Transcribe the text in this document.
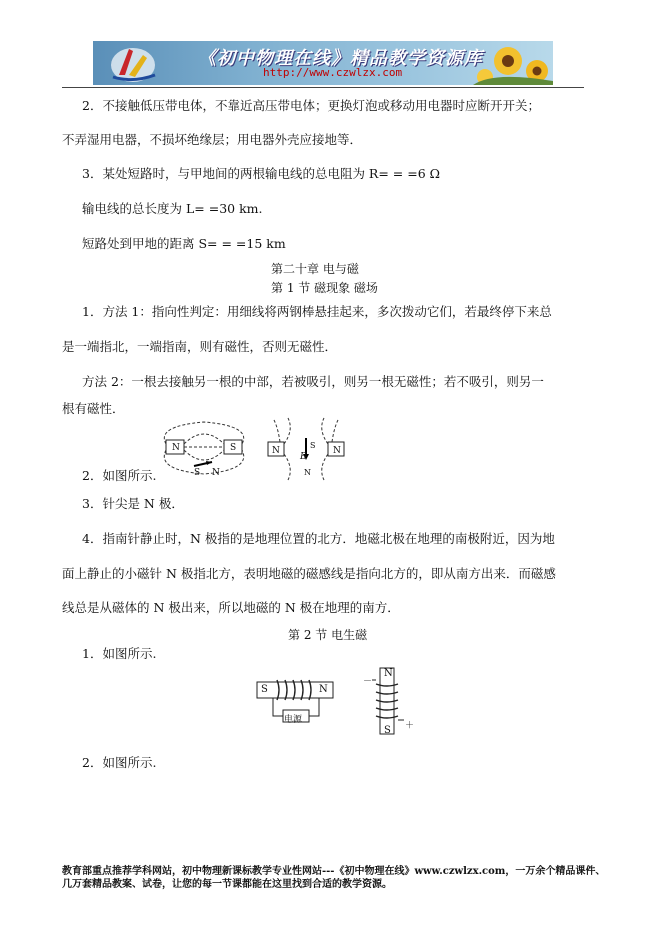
《初中物理在线》精品教学资源库
http://www.czwlzx.com
2．不接触低压带电体，不靠近高压带电体；更换灯泡或移动用电器时应断开开关；
不弄湿用电器，不损坏绝缘层；用电器外壳应接地等．
3．某处短路时，与甲地间的两根输电线的总电阻为 R= = =6 Ω
输电线的总长度为 L= =30 km.
短路处到甲地的距离 S= = =15 km
第二十章 电与磁
第 1 节 磁现象 磁场
1．方法 1：指向性判定：用细线将两钢棒悬挂起来，多次拨动它们，若最终停下来总
是一端指北，一端指南，则有磁性，否则无磁性．
方法 2：一根去接触另一根的中部，若被吸引，则另一根无磁性；若不吸引，则另一
根有磁性．
N	S
S N
N	N
S
B
N
2．如图所示.
3．针尖是 N 极．
4．指南针静止时，N 极指的是地理位置的北方．地磁北极在地理的南极附近，因为地
面上静止的小磁针 N 极指北方，表明地磁的磁感线是指向北方的，即从南方出来．而磁感
线总是从磁体的 N 极出来，所以地磁的 N 极在地理的南方．
第 2 节 电生磁
1．如图所示.
S	N
电源
N
S
－
＋
2．如图所示.
教育部重点推荐学科网站，初中物理新课标教学专业性网站---《初中物理在线》www.czwlzx.com，一万余个精品课件、
几万套精品教案、试卷，让您的每一节课都能在这里找到合适的教学资源。
